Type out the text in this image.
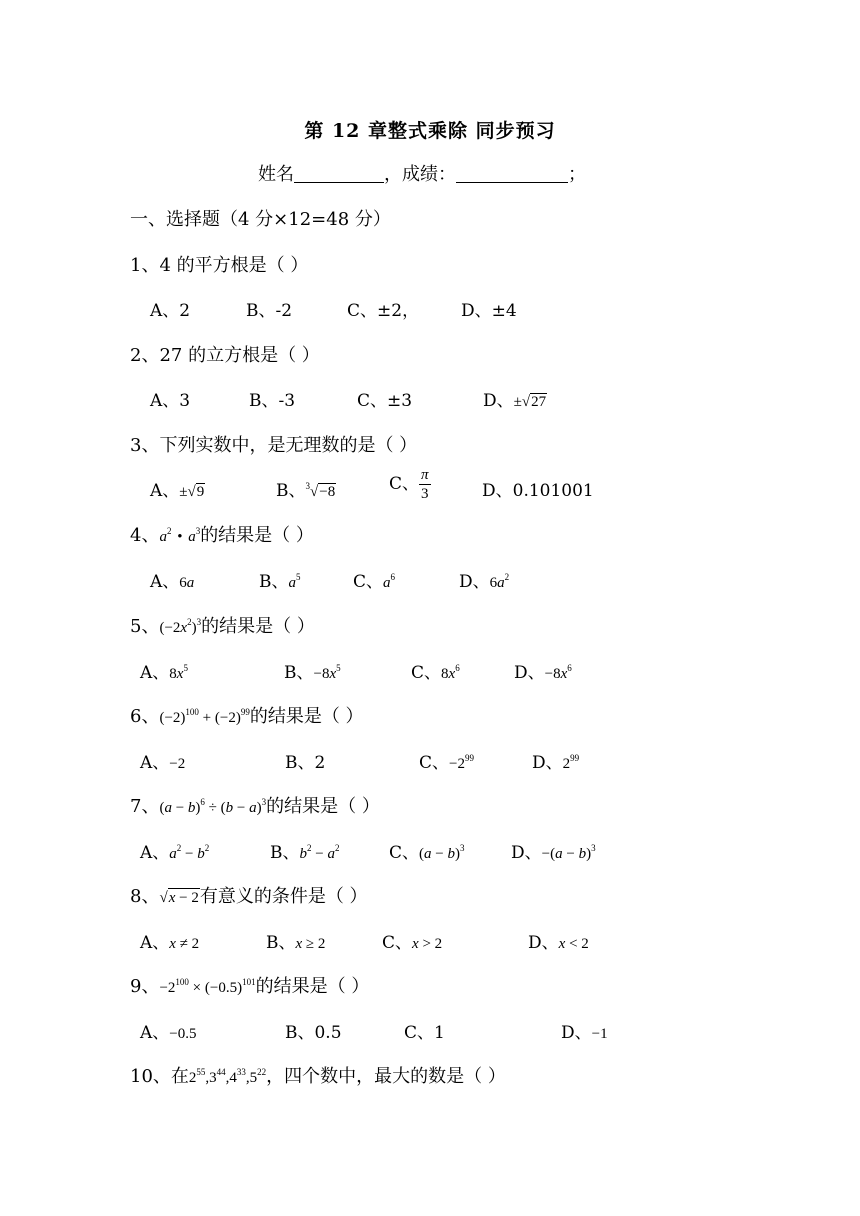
第 12 章整式乘除 同步预习
姓名	，成绩：	；
一、选择题（4 分×12=48 分）
1、4 的平方根是（ ）
A、2	B、-2	C、±2， D、±4
2、27 的立方根是（ ）
A、3	B、-3	C、±3	D、±√27
3、下列实数中，是无理数的是（ ）
A、±√9	B、$^3$√−8	C、 $\frac{\pi}{3}$	D、0.101001
4、$a^2$ • $a^3$的结果是（ ）
A、6a	B、$a^5$	C、$a^6$	D、$6a^2$
5、$(-2x^2)^3$的结果是（ ）
A、$8x^5$	B、$-8x^5$	C、$8x^6$	D、$-8x^6$
6、$(-2)^{100} + (-2)^{99}$的结果是（ ）
A、−2	B、2	C、$-2^{99}$	D、$2^{99}$
7、$(a - b)^6 \div (b - a)^3$的结果是（ ）
A、$a^2 - b^2$	B、$b^2 - a^2$	C、$(a - b)^3$	D、$-(a - b)^3$
8、√x − 2有意义的条件是（ ）
A、x ≠ 2	B、x ≥ 2	C、x > 2	D、x < 2
9、$-2^{100} \times (-0.5)^{101}$的结果是（ ）
A、−0.5	B、0.5	C、1	D、−1
10、在$2^{55},3^{44},4^{33},5^{22}$，四个数中，最大的数是（ ）
